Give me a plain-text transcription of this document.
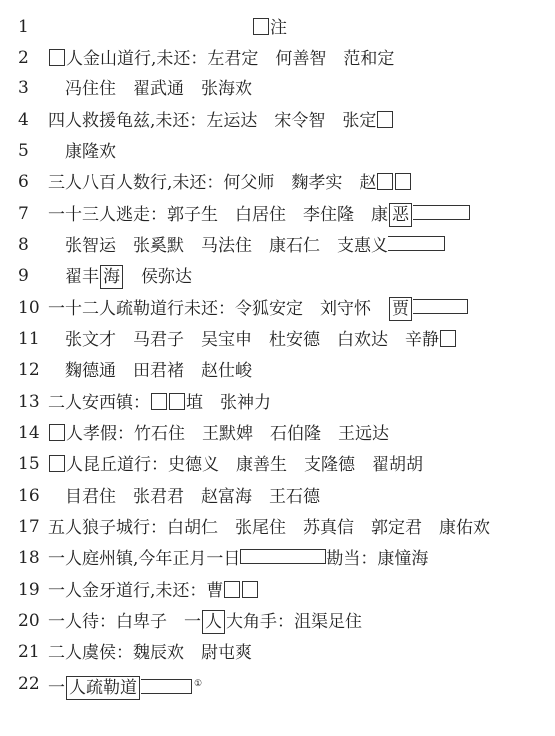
1	注
2	人金山道行,未还：左君定　何善智　范和定
3	冯住住　翟武通　张海欢
4	四人救援龟兹,未还：左运达　宋令智　张定
5	康隆欢
6	三人八百人数行,未还：何父师　麴孝实　赵
7	一十三人逃走：郭子生　白居住　李住隆　康 恶
8	张智运　张奚默　马法住　康石仁　支惠义
9	翟丰 海　侯弥达
10 一十二人疏勒道行未还：令狐安定　刘守怀　贾
11	张文才　马君子　吴宝申　杜安德　白欢达　辛静
12	麴德通　田君褚　赵仕峻
13 二人安西镇： 埴　张神力
14	人孝假：竹石住　王默婢　石伯隆　王远达
15	人昆丘道行：史德义　康善生　支隆德　翟胡胡
16	目君住　张君君　赵富海　王石德
17 五人狼子城行：白胡仁　张尾住　苏真信　郭定君　康佑欢
18 一人庭州镇,今年正月一日	勘当：康憧海
19 一人金牙道行,未还：曹
20 一人待：白卑子　一 人 大角手：沮渠足住
21 二人虞侯：魏辰欢　尉屯爽
22 一 人疏勒道	①
